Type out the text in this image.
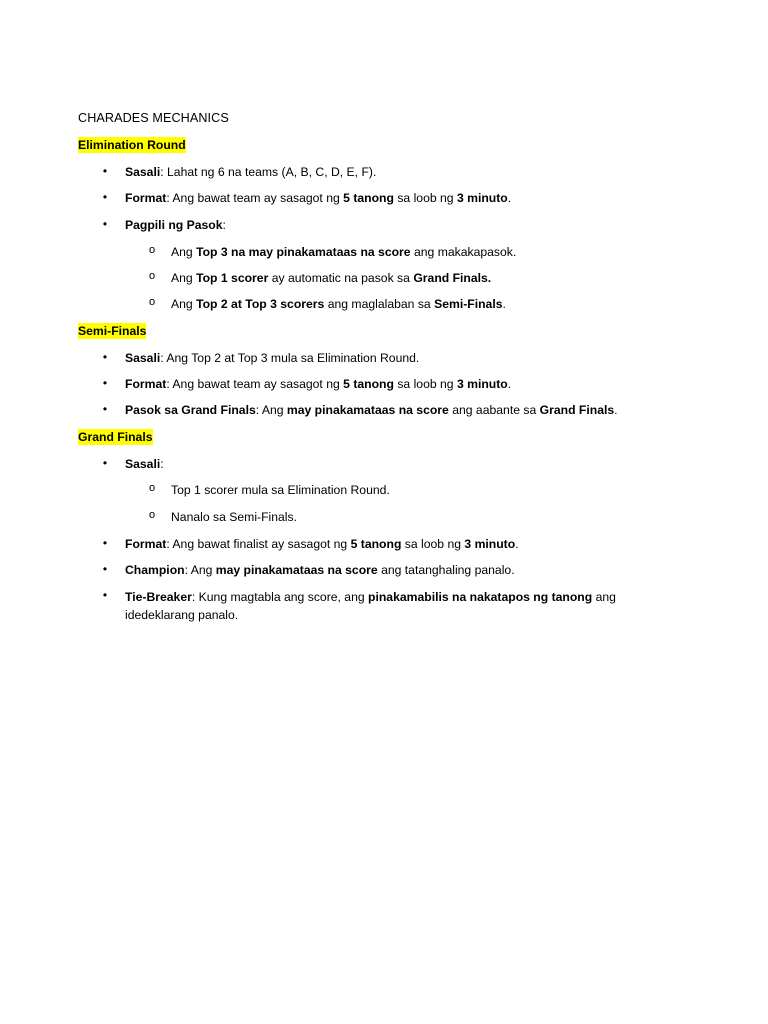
CHARADES MECHANICS
Elimination Round
•	Sasali: Lahat ng 6 na teams (A, B, C, D, E, F).
•	Format: Ang bawat team ay sasagot ng 5 tanong sa loob ng 3 minuto.
•	Pagpili ng Pasok:
o	Ang Top 3 na may pinakamataas na score ang makakapasok.
o	Ang Top 1 scorer ay automatic na pasok sa Grand Finals.
o	Ang Top 2 at Top 3 scorers ang maglalaban sa Semi-Finals.
Semi-Finals
•	Sasali: Ang Top 2 at Top 3 mula sa Elimination Round.
•	Format: Ang bawat team ay sasagot ng 5 tanong sa loob ng 3 minuto.
•	Pasok sa Grand Finals: Ang may pinakamataas na score ang aabante sa Grand Finals.
Grand Finals
•	Sasali:
o	Top 1 scorer mula sa Elimination Round.
o	Nanalo sa Semi-Finals.
•	Format: Ang bawat finalist ay sasagot ng 5 tanong sa loob ng 3 minuto.
•	Champion: Ang may pinakamataas na score ang tatanghaling panalo.
•	Tie-Breaker: Kung magtabla ang score, ang pinakamabilis na nakatapos ng tanong ang idedeklarang panalo.
